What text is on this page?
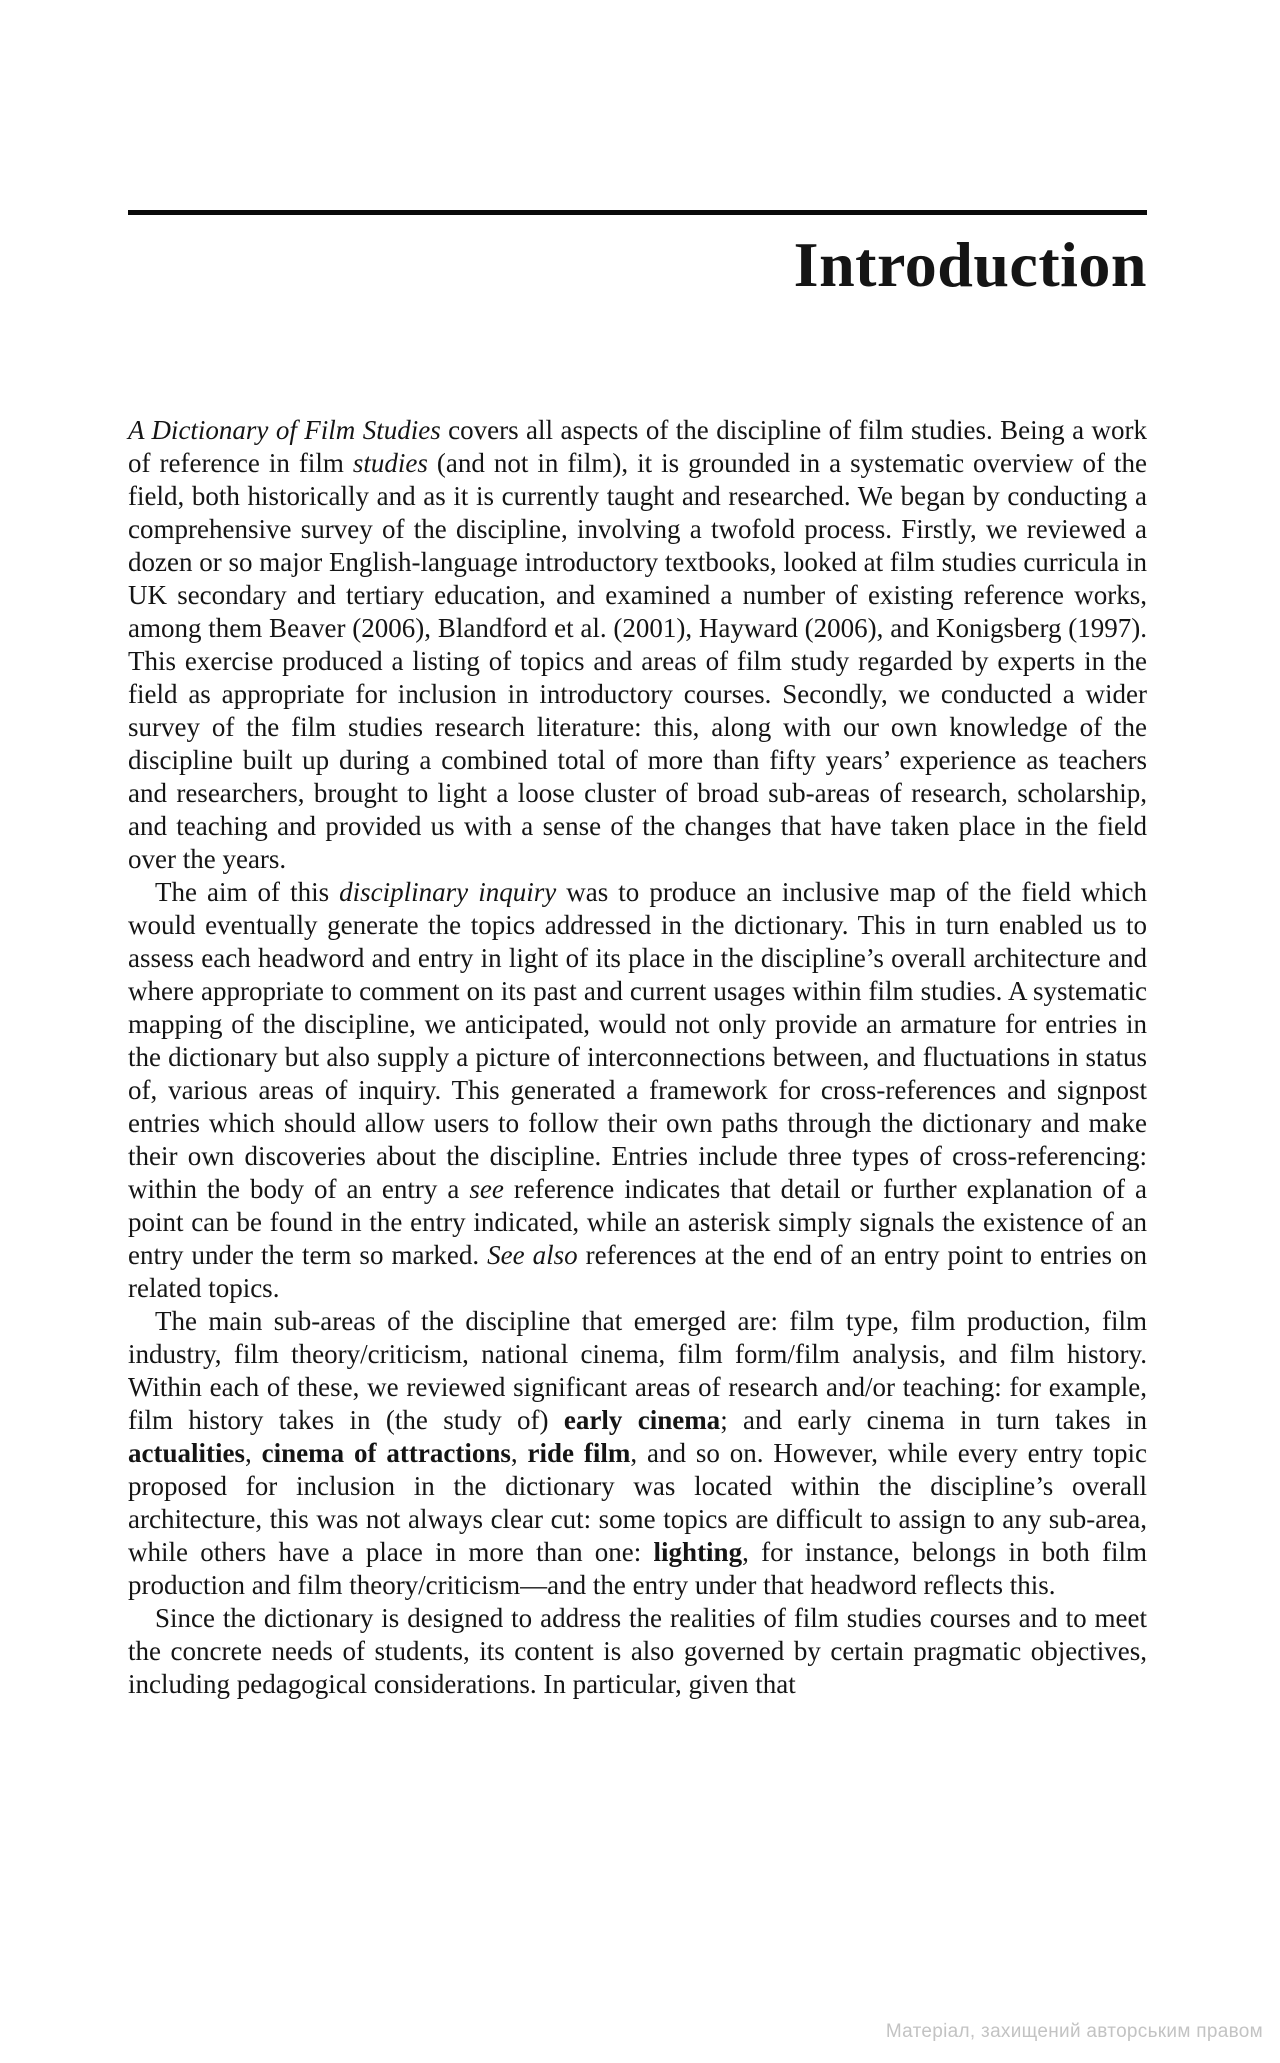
Introduction

A Dictionary of Film Studies covers all aspects of the discipline of film studies. Being a work of reference in film studies (and not in film), it is grounded in a systematic overview of the field, both historically and as it is currently taught and researched. We began by conducting a comprehensive survey of the discipline, involving a twofold process. Firstly, we reviewed a dozen or so major English-language introductory textbooks, looked at film studies curricula in UK secondary and tertiary education, and examined a number of existing reference works, among them Beaver (2006), Blandford et al. (2001), Hayward (2006), and Konigsberg (1997). This exercise produced a listing of topics and areas of film study regarded by experts in the field as appropriate for inclusion in introductory courses. Secondly, we conducted a wider survey of the film studies research literature: this, along with our own knowledge of the discipline built up during a combined total of more than fifty years’ experience as teachers and researchers, brought to light a loose cluster of broad sub-areas of research, scholarship, and teaching and provided us with a sense of the changes that have taken place in the field over the years.

The aim of this disciplinary inquiry was to produce an inclusive map of the field which would eventually generate the topics addressed in the dictionary. This in turn enabled us to assess each headword and entry in light of its place in the discipline’s overall architecture and where appropriate to comment on its past and current usages within film studies. A systematic mapping of the discipline, we anticipated, would not only provide an armature for entries in the dictionary but also supply a picture of interconnections between, and fluctuations in status of, various areas of inquiry. This generated a framework for cross-references and signpost entries which should allow users to follow their own paths through the dictionary and make their own discoveries about the discipline. Entries include three types of cross-referencing: within the body of an entry a see reference indicates that detail or further explanation of a point can be found in the entry indicated, while an asterisk simply signals the existence of an entry under the term so marked. See also references at the end of an entry point to entries on related topics.

The main sub-areas of the discipline that emerged are: film type, film production, film industry, film theory/criticism, national cinema, film form/film analysis, and film history. Within each of these, we reviewed significant areas of research and/or teaching: for example, film history takes in (the study of) early cinema; and early cinema in turn takes in actualities, cinema of attractions, ride film, and so on. However, while every entry topic proposed for inclusion in the dictionary was located within the discipline’s overall architecture, this was not always clear cut: some topics are difficult to assign to any sub-area, while others have a place in more than one: lighting, for instance, belongs in both film production and film theory/criticism—and the entry under that headword reflects this.

Since the dictionary is designed to address the realities of film studies courses and to meet the concrete needs of students, its content is also governed by certain pragmatic objectives, including pedagogical considerations. In particular, given that

Матеріал, захищений авторським правом
